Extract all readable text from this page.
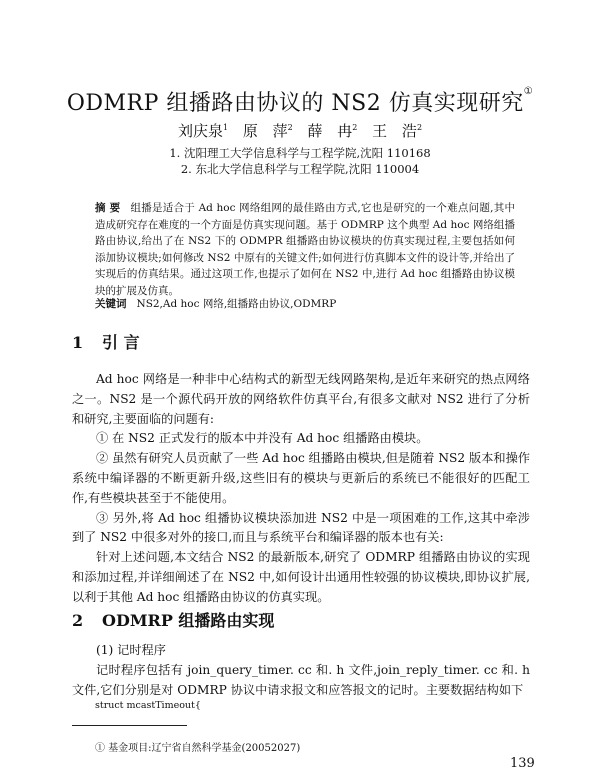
ODMRP 组播路由协议的 NS2 仿真实现研究①
刘庆泉$^1$ 原 萍$^2$ 薛 冉$^2$ 王 浩$^2$
1. 沈阳理工大学信息科学与工程学院,沈阳 110168
2. 东北大学信息科学与工程学院,沈阳 110004
摘 要 组播是适合于 Ad hoc 网络组网的最佳路由方式,它也是研究的一个难点问题,其中造成研究存在难度的一个方面是仿真实现问题。基于 ODMRP 这个典型 Ad hoc 网络组播路由协议,给出了在 NS2 下的 ODMPR 组播路由协议模块的仿真实现过程,主要包括如何添加协议模块;如何修改 NS2 中原有的关键文件;如何进行仿真脚本文件的设计等,并给出了实现后的仿真结果。通过这项工作,也提示了如何在 NS2 中,进行 Ad hoc 组播路由协议模块的扩展及仿真。
关键词 NS2,Ad hoc 网络,组播路由协议,ODMRP
1 引 言

Ad hoc 网络是一种非中心结构式的新型无线网路架构,是近年来研究的热点网络之一。NS2 是一个源代码开放的网络软件仿真平台,有很多文献对 NS2 进行了分析和研究,主要面临的问题有:

① 在 NS2 正式发行的版本中并没有 Ad hoc 组播路由模块。

② 虽然有研究人员贡献了一些 Ad hoc 组播路由模块,但是随着 NS2 版本和操作系统中编译器的不断更新升级,这些旧有的模块与更新后的系统已不能很好的匹配工作,有些模块甚至于不能使用。

③ 另外,将 Ad hoc 组播协议模块添加进 NS2 中是一项困难的工作,这其中牵涉到了 NS2 中很多对外的接口,而且与系统平台和编译器的版本也有关:

针对上述问题,本文结合 NS2 的最新版本,研究了 ODMRP 组播路由协议的实现和添加过程,并详细阐述了在 NS2 中,如何设计出通用性较强的协议模块,即协议扩展,以利于其他 Ad hoc 组播路由协议的仿真实现。

2 ODMRP 组播路由实现

(1) 记时程序

记时程序包括有 join_query_timer. cc 和. h 文件,join_reply_timer. cc 和. h 文件,它们分别是对 ODMRP 协议中请求报文和应答报文的记时。主要数据结构如下

struct mcastTimeout{
① 基金项目:辽宁省自然科学基金(20052027)
139
